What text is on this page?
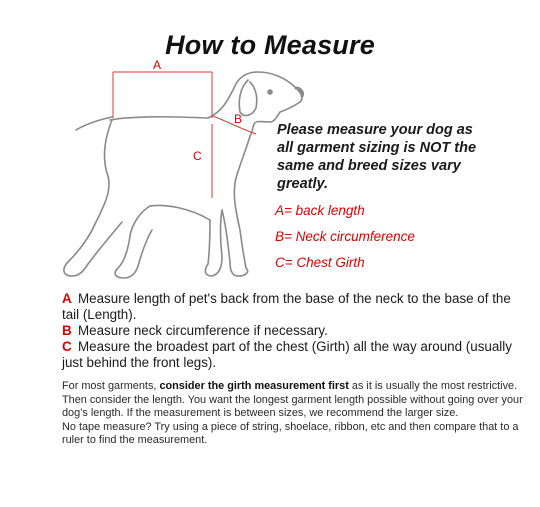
How to Measure
A
B
C
Please measure your dog as all garment sizing is NOT the same and breed sizes vary greatly.
A= back length
B= Neck circumference
C= Chest Girth

A Measure length of pet's back from the base of the neck to the base of the tail (Length).

B Measure neck circumference if necessary.

C Measure the broadest part of the chest (Girth) all the way around (usually just behind the front legs).

For most garments, consider the girth measurement first as it is usually the most restrictive. Then consider the length. You want the longest garment length possible without going over your dog’s length. If the measurement is between sizes, we recommend the larger size.
No tape measure? Try using a piece of string, shoelace, ribbon, etc and then compare that to a ruler to find the measurement.
